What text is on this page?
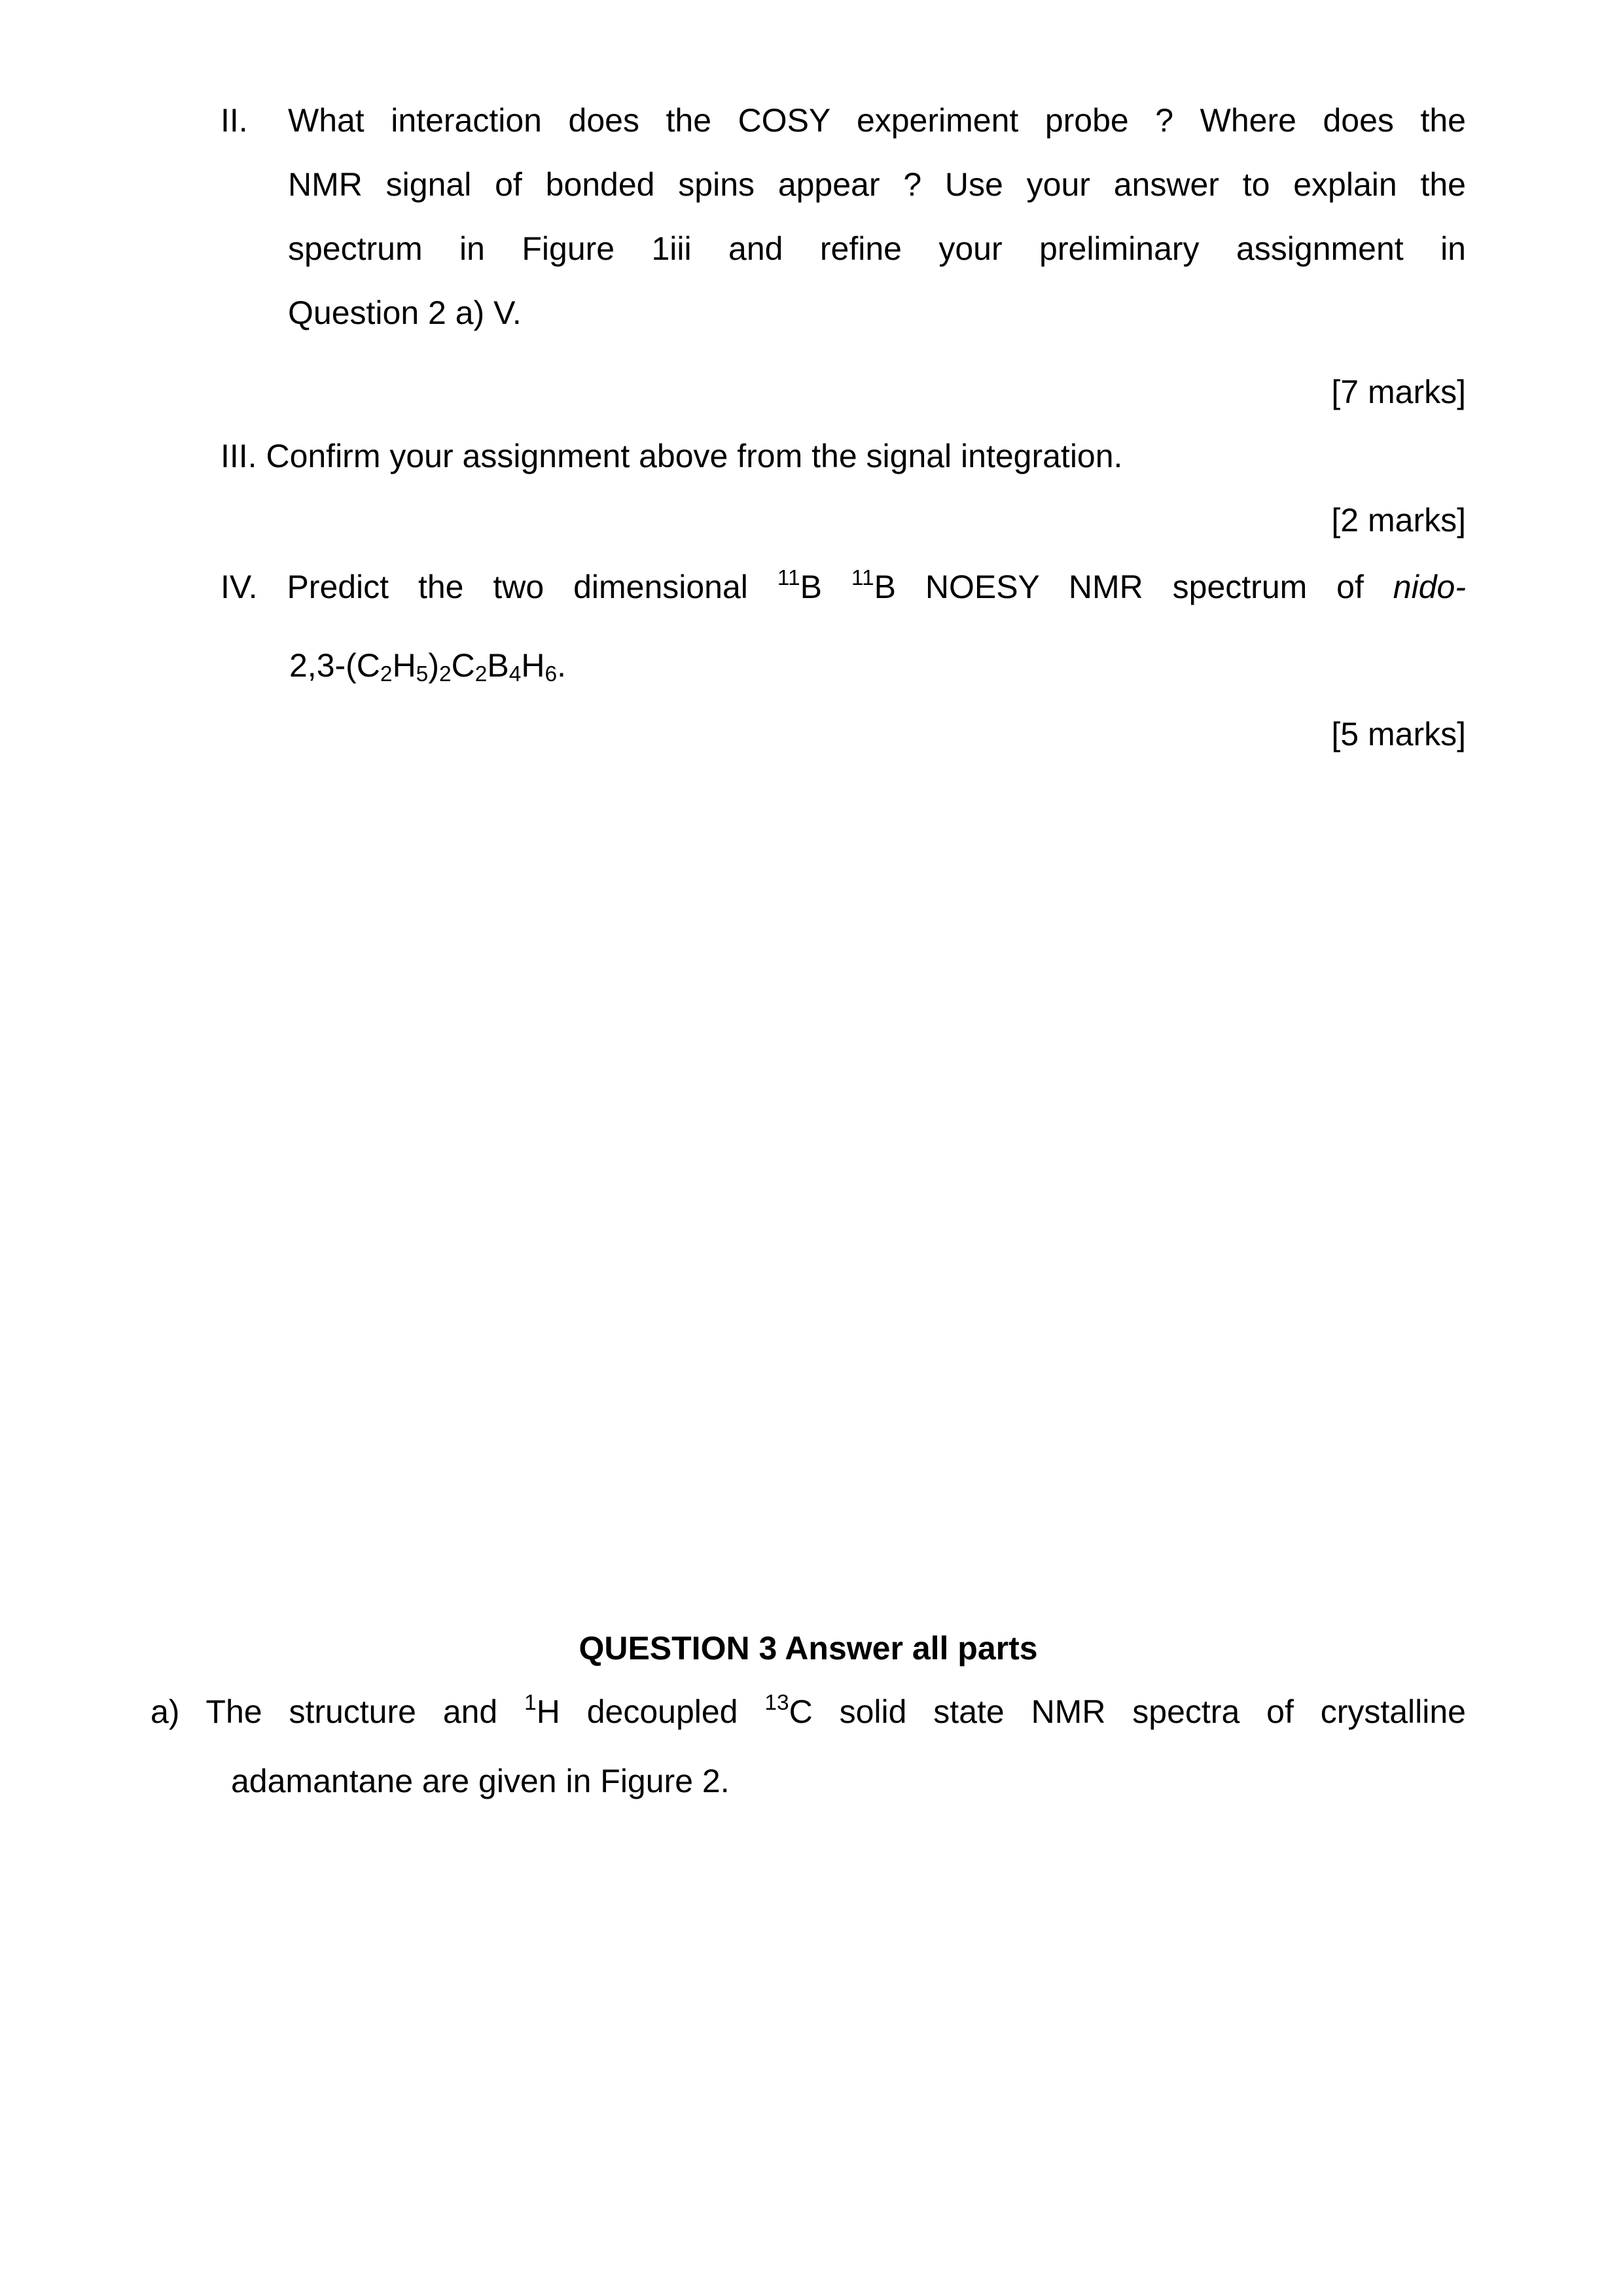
II. What interaction does the COSY experiment probe ? Where does the
NMR signal of bonded spins appear ? Use your answer to explain the
spectrum in Figure 1iii and refine your preliminary assignment in
Question 2 a) V.
[7 marks]
III. Confirm your assignment above from the signal integration.
[2 marks]
IV. Predict the two dimensional $^{11}$B $^{11}$B NOESY NMR spectrum of nido-
2,3-(C2H5)2C2B4H6.
[5 marks]
QUESTION 3 Answer all parts
a) The structure and $^1$H decoupled $^{13}$C solid state NMR spectra of crystalline
adamantane are given in Figure 2.
